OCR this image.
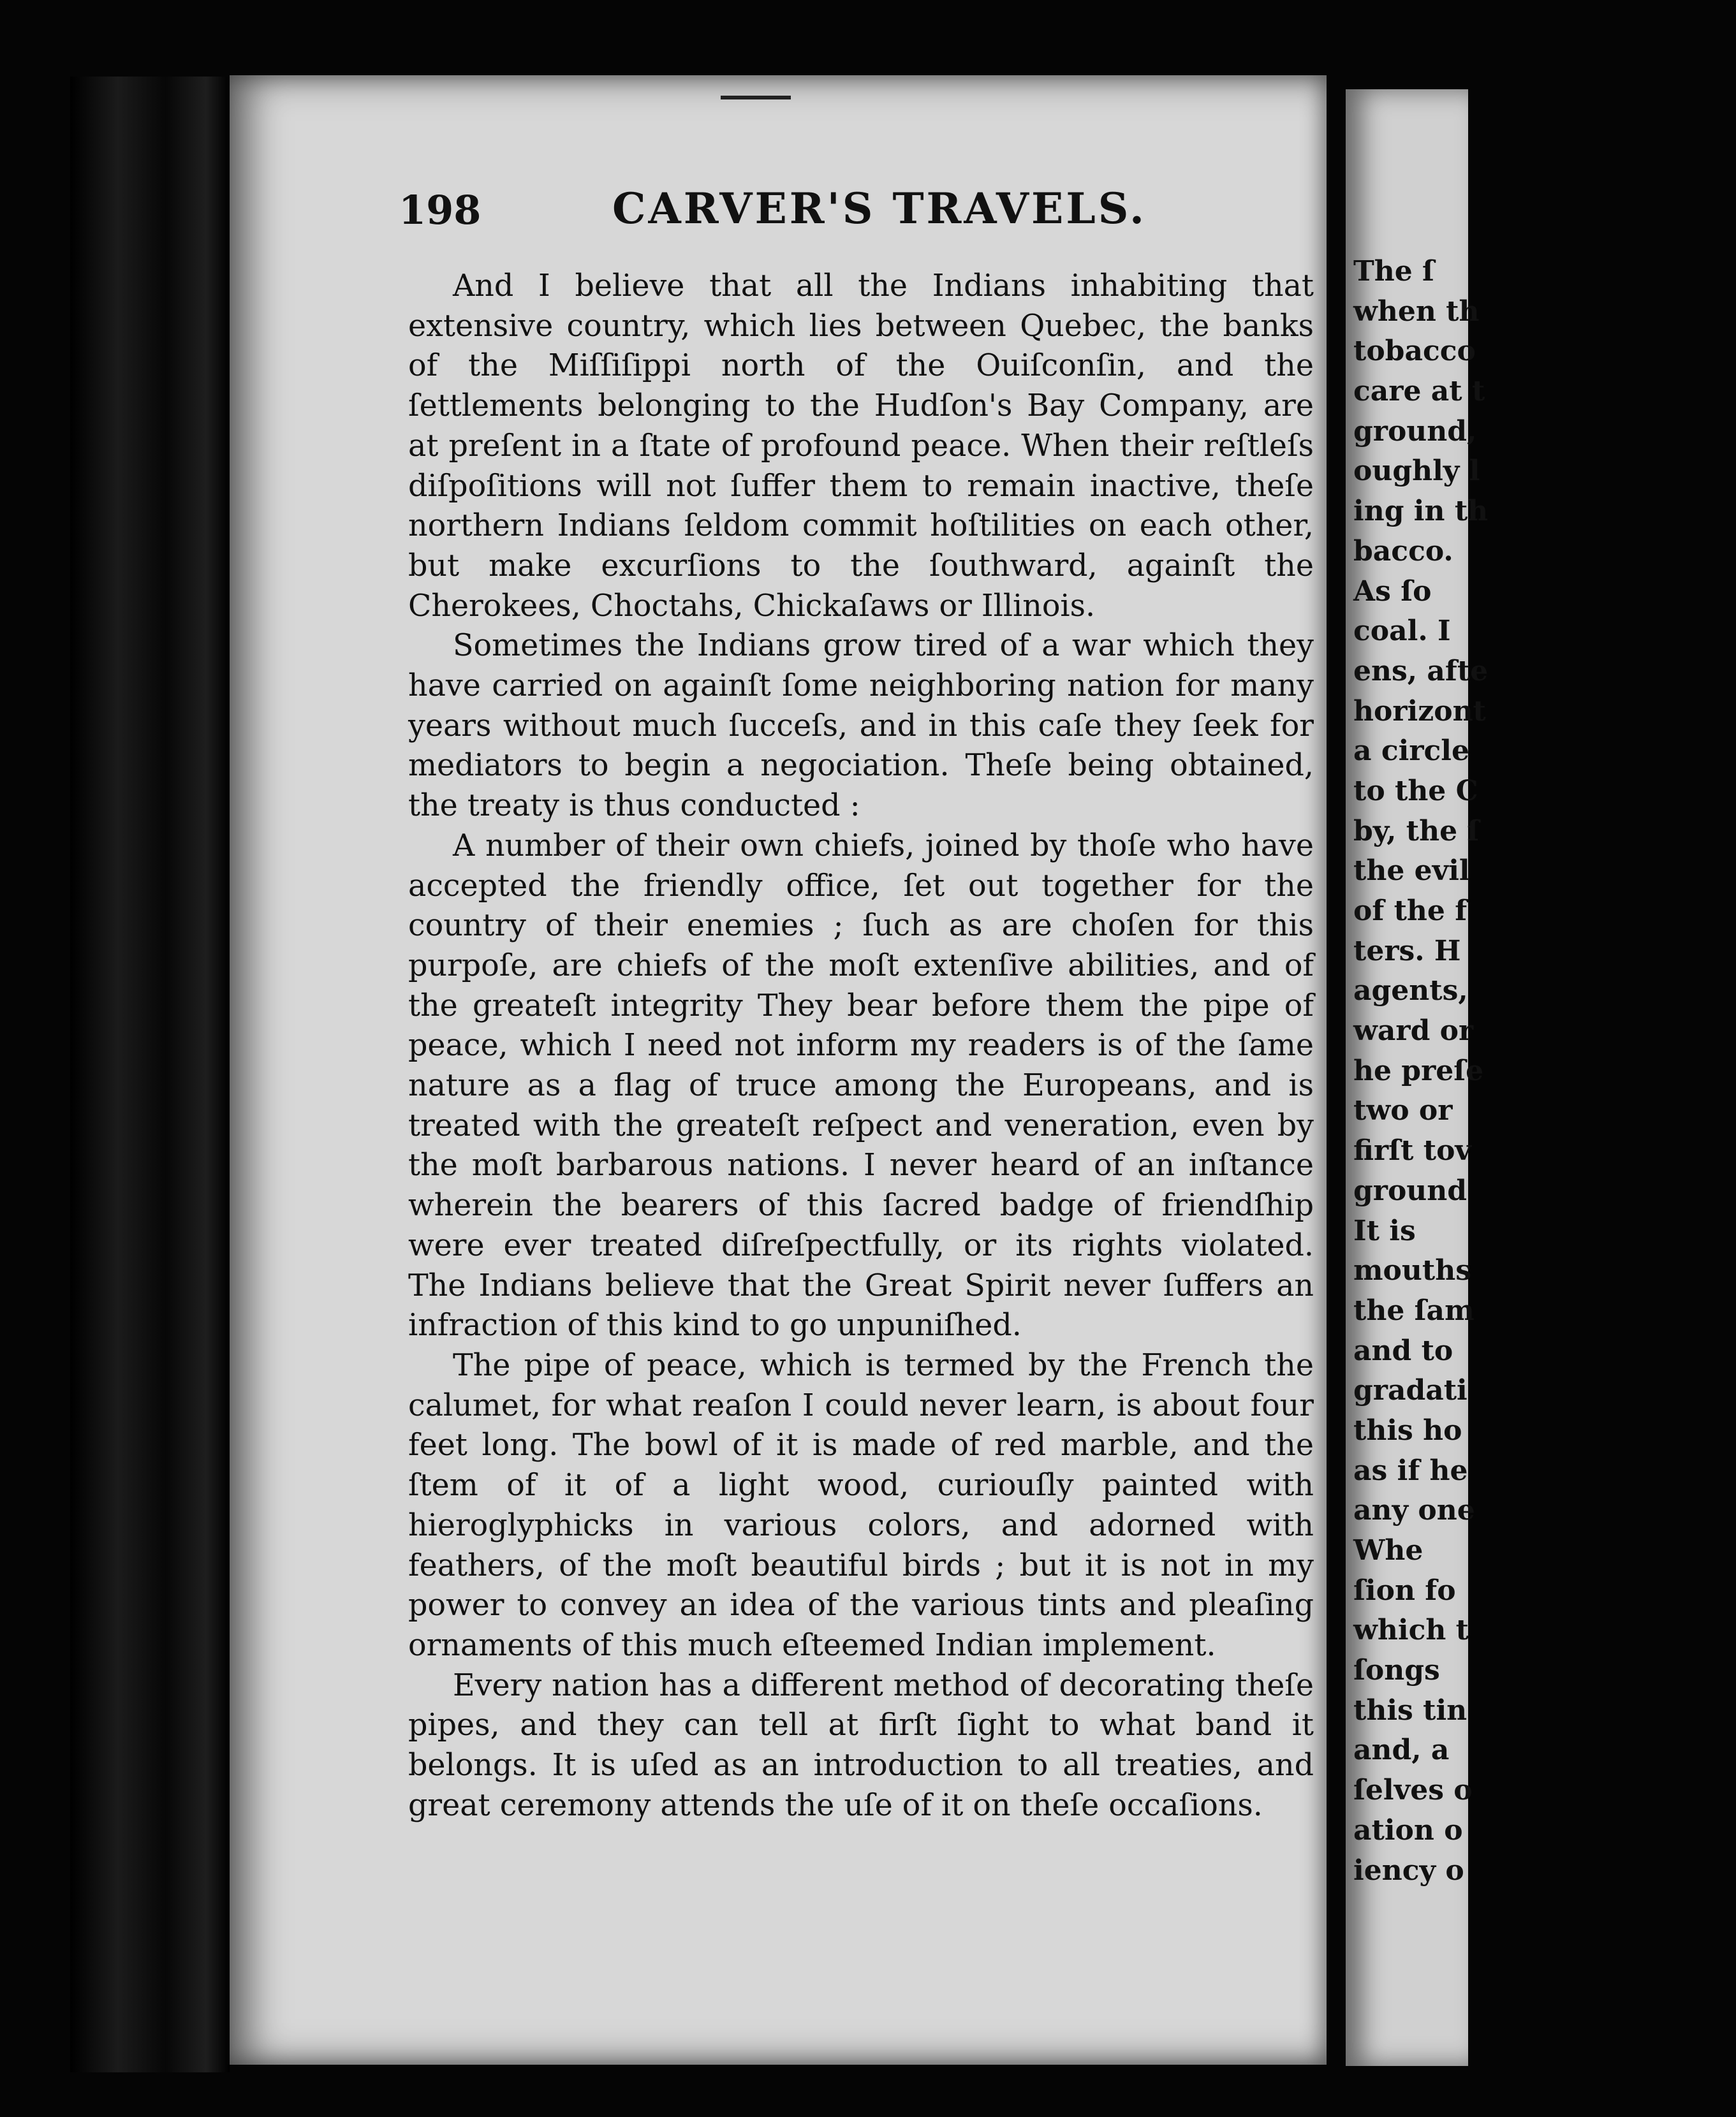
198	CARVER'S TRAVELS.

And I believe that all the Indians inhabiting that extensive country, which lies between Quebec, the banks of the Miſſiſippi north of the Ouiſconſin, and the ſettlements belonging to the Hudſon's Bay Company, are at preſent in a ſtate of profound peace. When their reſtleſs diſpoſitions will not ſuffer them to remain inactive, theſe northern Indians ſeldom commit hoſtilities on each other, but make excurſions to the ſouthward, againſt the Cherokees, Choctahs, Chickaſaws or Illinois.

Sometimes the Indians grow tired of a war which they have carried on againſt ſome neighboring nation for many years without much ſucceſs, and in this caſe they ſeek for mediators to begin a negociation. Theſe being obtained, the treaty is thus conducted :

A number of their own chiefs, joined by thoſe who have accepted the friendly office, ſet out together for the country of their enemies ; ſuch as are choſen for this purpoſe, are chiefs of the moſt extenſive abilities, and of the greateſt integrity They bear before them the pipe of peace, which I need not inform my readers is of the ſame nature as a flag of truce among the Europeans, and is treated with the greateſt reſpect and veneration, even by the moſt barbarous nations. I never heard of an inſtance wherein the bearers of this ſacred badge of friendſhip were ever treated diſreſpectfully, or its rights violated. The Indians believe that the Great Spirit never ſuffers an infraction of this kind to go unpuniſhed.

The pipe of peace, which is termed by the French the calumet, for what reaſon I could never learn, is about four feet long. The bowl of it is made of red marble, and the ſtem of it of a light wood, curiouſly painted with hieroglyphicks in various colors, and adorned with feathers, of the moſt beautiful birds ; but it is not in my power to convey an idea of the various tints and pleaſing ornaments of this much eſteemed Indian implement.

Every nation has a different method of decorating theſe pipes, and they can tell at firſt ſight to what band it belongs. It is uſed as an introduction to all treaties, and great ceremony attends the uſe of it on theſe occaſions.

The ſ
when th
tobacco
care at t
ground,
oughly l
ing in th
bacco.
As ſo
coal. I
ens, afte
horizont
a circle
to the C
by, the ſ
the evil
of the f
ters. H
agents,
ward or
he preſe
two or
firſt tov
ground
It is
mouths
the ſam
and to
gradati
this ho
as if he
any one
Whe
ſion fo
which t
ſongs
this tin
and, a
ſelves o
ation o
iency o
